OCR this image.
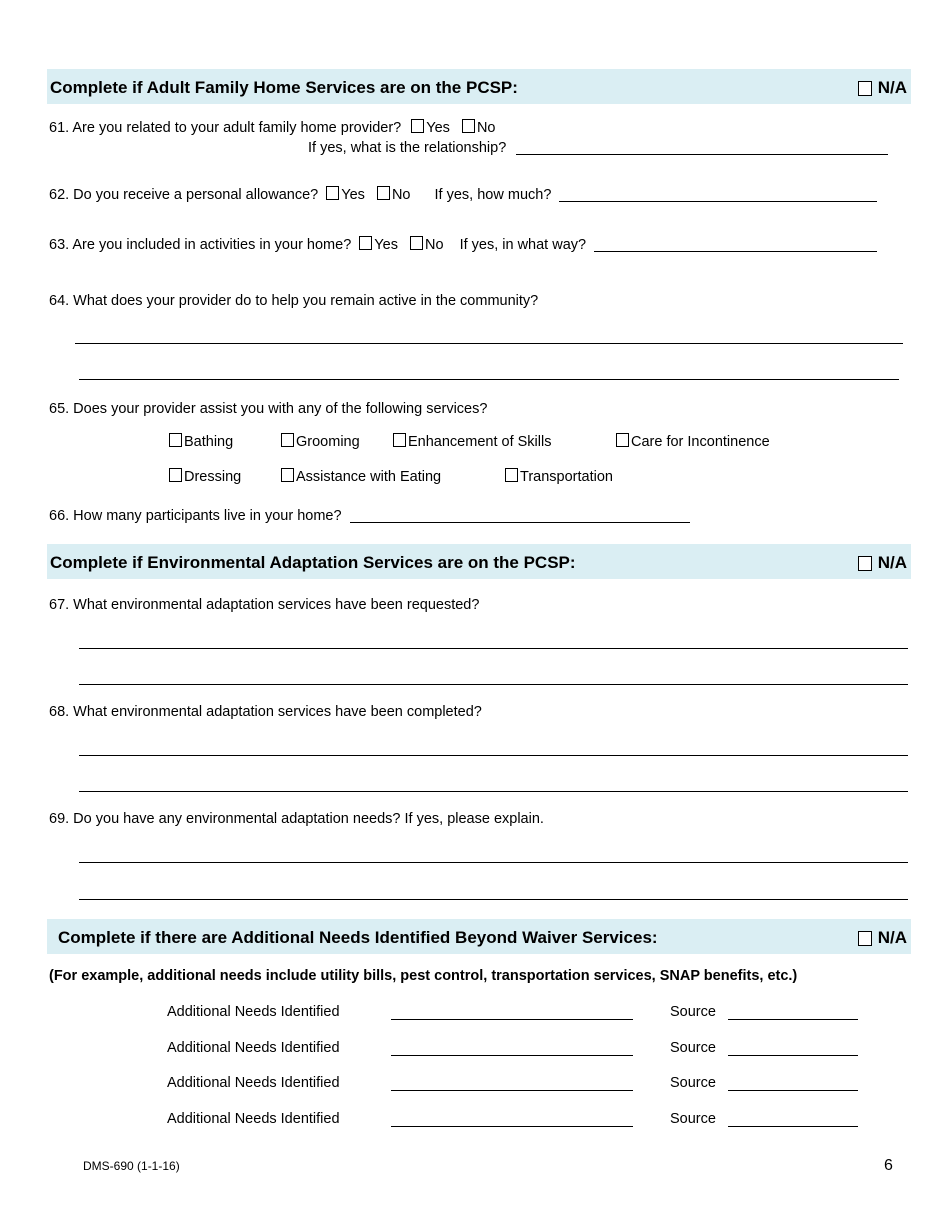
Complete if Adult Family Home Services are on the PCSP:	N/A
61. Are you related to your adult family home provider? Yes No
If yes, what is the relationship?
62. Do you receive a personal allowance? Yes No If yes, how much?
63. Are you included in activities in your home? Yes No If yes, in what way?
64. What does your provider do to help you remain active in the community?
65. Does your provider assist you with any of the following services?
Bathing	Grooming	Enhancement of Skills	Care for Incontinence
Dressing	Assistance with Eating	Transportation
66. How many participants live in your home?
Complete if Environmental Adaptation Services are on the PCSP:	N/A
67. What environmental adaptation services have been requested?
68. What environmental adaptation services have been completed?
69. Do you have any environmental adaptation needs? If yes, please explain.
Complete if there are Additional Needs Identified Beyond Waiver Services:	N/A
(For example, additional needs include utility bills, pest control, transportation services, SNAP benefits, etc.)
Additional Needs Identified	Source
Additional Needs Identified	Source
Additional Needs Identified	Source
Additional Needs Identified	Source
DMS-690 (1-1-16)	6
